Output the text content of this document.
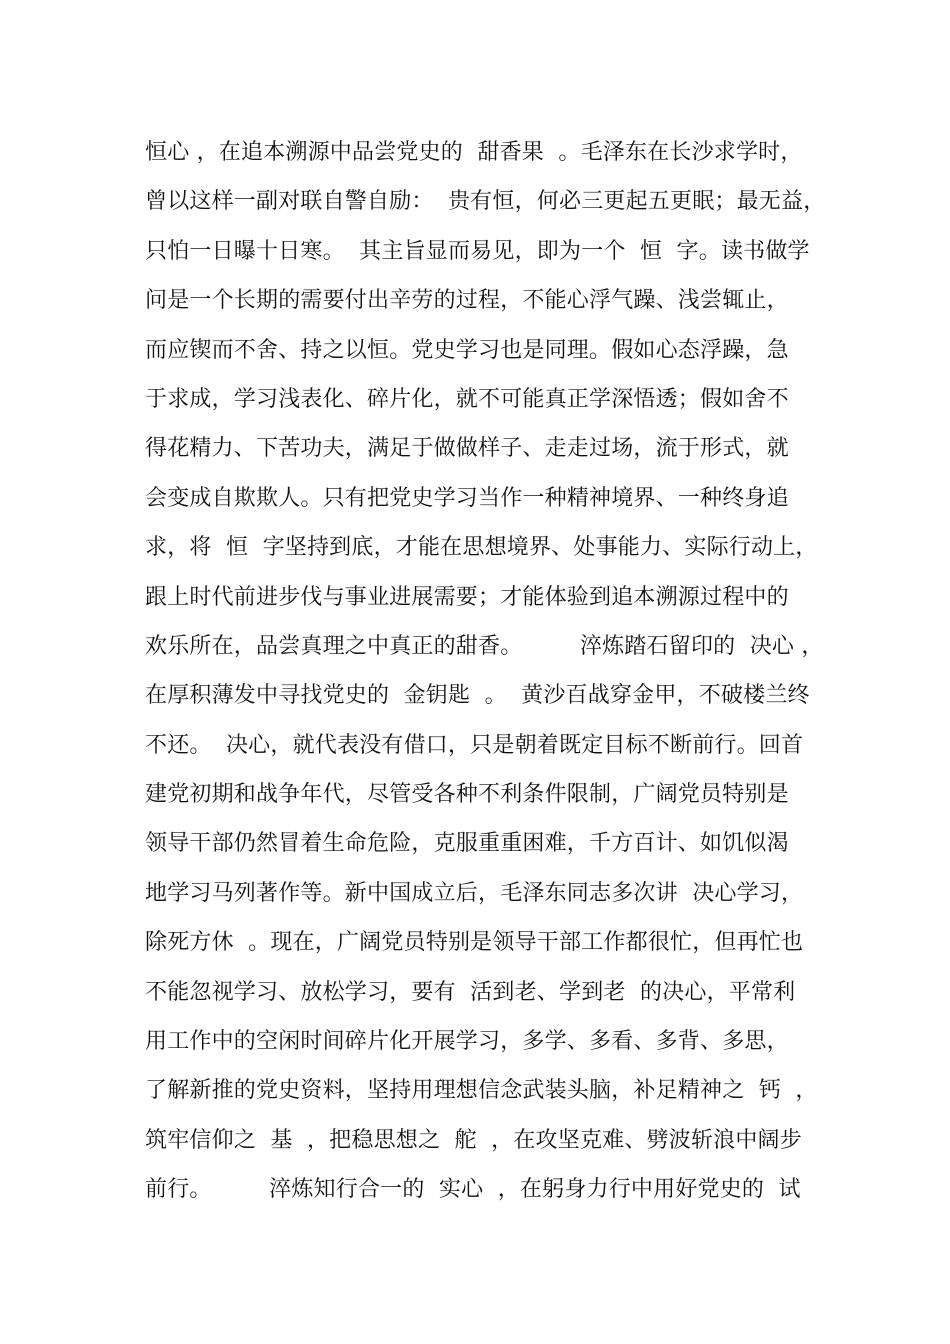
恒心 ，在追本溯源中品尝党史的  甜香果  。毛泽东在长沙求学时，
曾以这样一副对联自警自励：  贵有恒，何必三更起五更眠；最无益，
只怕一日曝十日寒。  其主旨显而易见，即为一个  恒  字。读书做学
问是一个长期的需要付出辛劳的过程，不能心浮气躁、浅尝辄止，
而应锲而不舍、持之以恒。党史学习也是同理。假如心态浮躁，急
于求成，学习浅表化、碎片化，就不可能真正学深悟透；假如舍不
得花精力、下苦功夫，满足于做做样子、走走过场，流于形式，就
会变成自欺欺人。只有把党史学习当作一种精神境界、一种终身追
求，将  恒  字坚持到底，才能在思想境界、处事能力、实际行动上，
跟上时代前进步伐与事业进展需要；才能体验到追本溯源过程中的
欢乐所在，品尝真理之中真正的甜香。        淬炼踏石留印的  决心 ，
在厚积薄发中寻找党史的  金钥匙  。  黄沙百战穿金甲，不破楼兰终
不还。  决心，就代表没有借口，只是朝着既定目标不断前行。回首
建党初期和战争年代，尽管受各种不利条件限制，广阔党员特别是
领导干部仍然冒着生命危险，克服重重困难，千方百计、如饥似渴
地学习马列著作等。新中国成立后，毛泽东同志多次讲  决心学习，
除死方休  。现在，广阔党员特别是领导干部工作都很忙，但再忙也
不能忽视学习、放松学习，要有  活到老、学到老  的决心，平常利
用工作中的空闲时间碎片化开展学习，多学、多看、多背、多思，
了解新推的党史资料，坚持用理想信念武装头脑，补足精神之  钙  ，
筑牢信仰之  基  ，把稳思想之  舵  ，在攻坚克难、劈波斩浪中阔步
前行。        淬炼知行合一的  实心  ，在躬身力行中用好党史的  试
